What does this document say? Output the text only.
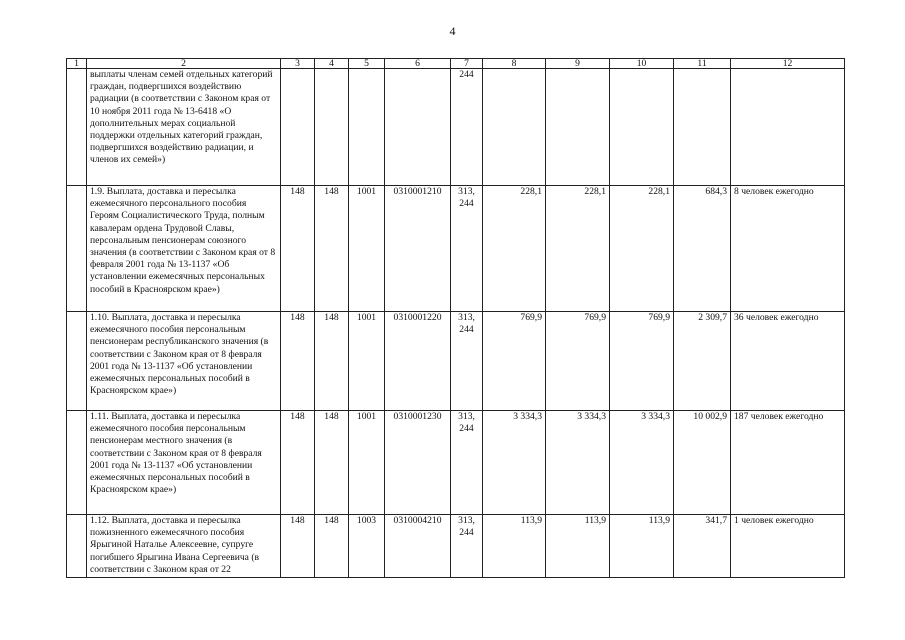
4
1	2	3	4	5	6	7	8	9	10	11	12
	выплаты членам семей отдельных категорий граждан, подвергшихся воздействию радиации (в соответствии с Законом края от 10 ноября 2011 года № 13-6418 «О дополнительных мерах социальной поддержки отдельных категорий граждан, подвергшихся воздействию радиации, и членов их семей»)					244					
	1.9. Выплата, доставка и пересылка ежемесячного персонального пособия Героям Социалистического Труда, полным кавалерам ордена Трудовой Славы, персональным пенсионерам союзного значения (в соответствии с Законом края от 8 февраля 2001 года № 13-1137 «Об установлении ежемесячных персональных пособий в Красноярском крае»)	148	148	1001	0310001210	313, 244	228,1	228,1	228,1	684,3	8 человек ежегодно
	1.10. Выплата, доставка и пересылка ежемесячного пособия персональным пенсионерам республиканского значения (в соответствии с Законом края от 8 февраля 2001 года № 13-1137 «Об установлении ежемесячных персональных пособий в Красноярском крае»)	148	148	1001	0310001220	313, 244	769,9	769,9	769,9	2 309,7	36 человек ежегодно
	1.11. Выплата, доставка и пересылка ежемесячного пособия персональным пенсионерам местного значения (в соответствии с Законом края от 8 февраля 2001 года № 13-1137 «Об установлении ежемесячных персональных пособий в Красноярском крае»)	148	148	1001	0310001230	313, 244	3 334,3	3 334,3	3 334,3	10 002,9	187 человек ежегодно
	1.12. Выплата, доставка и пересылка пожизненного ежемесячного пособия Ярыгиной Наталье Алексеевне, супруге погибшего Ярыгина Ивана Сергеевича (в соответствии с Законом края от 22	148	148	1003	0310004210	313, 244	113,9	113,9	113,9	341,7	1 человек ежегодно
